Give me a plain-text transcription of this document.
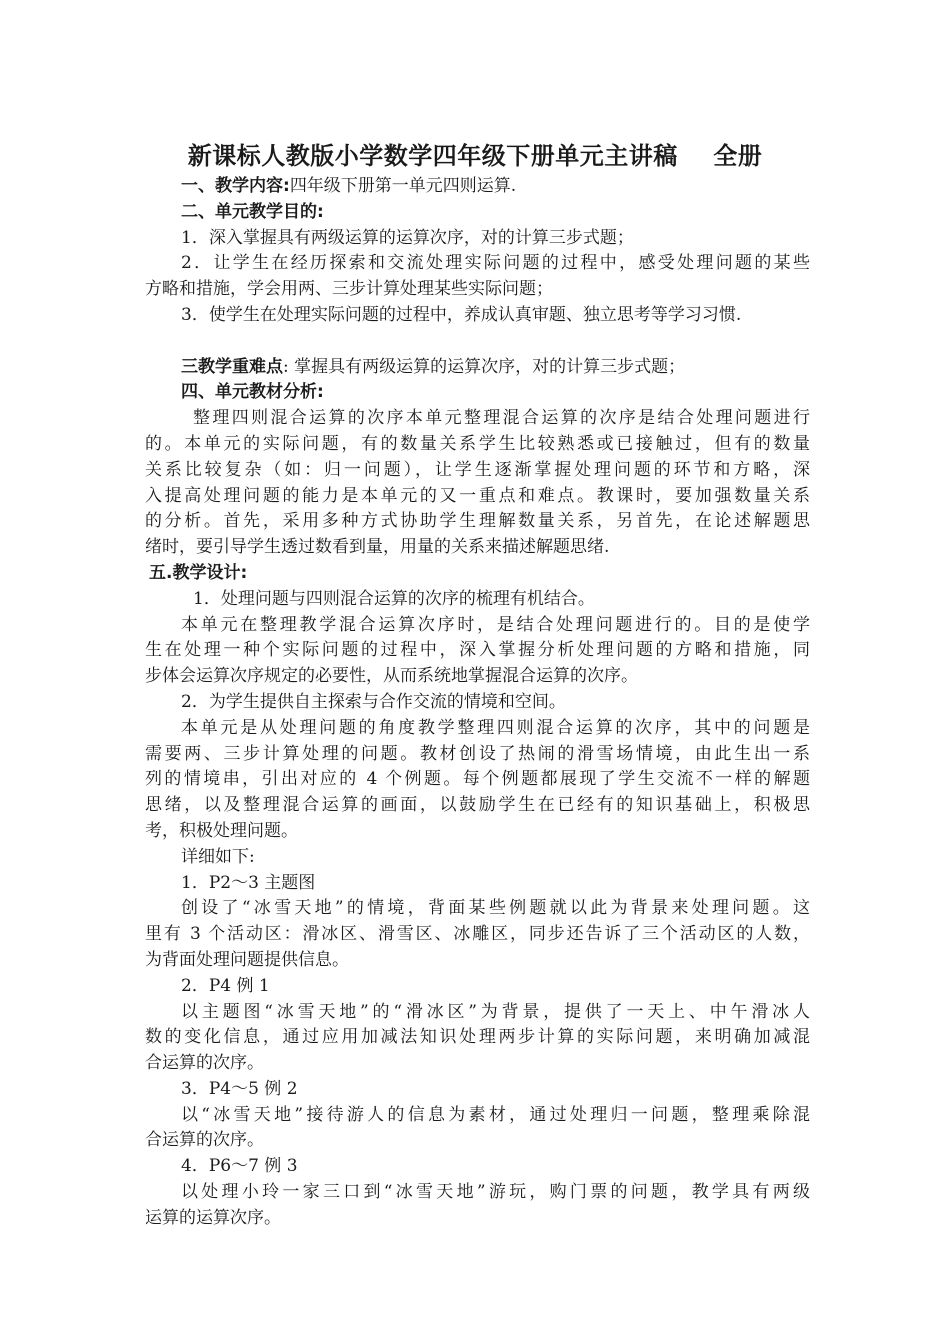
新课标人教版小学数学四年级下册单元主讲稿    全册
一、教学内容:四年级下册第一单元四则运算.
二、单元教学目的:
1．深入掌握具有两级运算的运算次序，对的计算三步式题；
2．让学生在经历探索和交流处理实际问题的过程中，感受处理问题的某些
方略和措施，学会用两、三步计算处理某些实际问题；
3．使学生在处理实际问题的过程中，养成认真审题、独立思考等学习习惯.
三教学重难点: 掌握具有两级运算的运算次序，对的计算三步式题；
四、单元教材分析:
整理四则混合运算的次序本单元整理混合运算的次序是结合处理问题进行
的。本单元的实际问题，有的数量关系学生比较熟悉或已接触过，但有的数量
关系比较复杂（如：归一问题），让学生逐渐掌握处理问题的环节和方略，深
入提高处理问题的能力是本单元的又一重点和难点。教课时，要加强数量关系
的分析。首先，采用多种方式协助学生理解数量关系，另首先，在论述解题思
绪时，要引导学生透过数看到量，用量的关系来描述解题思绪.
五.教学设计:
1．处理问题与四则混合运算的次序的梳理有机结合。
本单元在整理教学混合运算次序时，是结合处理问题进行的。目的是使学
生在处理一种个实际问题的过程中，深入掌握分析处理问题的方略和措施，同
步体会运算次序规定的必要性，从而系统地掌握混合运算的次序。
2．为学生提供自主探索与合作交流的情境和空间。
本单元是从处理问题的角度教学整理四则混合运算的次序，其中的问题是
需要两、三步计算处理的问题。教材创设了热闹的滑雪场情境，由此生出一系
列的情境串，引出对应的 4 个例题。每个例题都展现了学生交流不一样的解题
思绪，以及整理混合运算的画面，以鼓励学生在已经有的知识基础上，积极思
考，积极处理问题。
详细如下:
1．P2～3 主题图
创设了“冰雪天地”的情境，背面某些例题就以此为背景来处理问题。这
里有 3 个活动区：滑冰区、滑雪区、冰雕区，同步还告诉了三个活动区的人数，
为背面处理问题提供信息。
2．P4 例 1
以主题图“冰雪天地”的“滑冰区”为背景，提供了一天上、中午滑冰人
数的变化信息，通过应用加减法知识处理两步计算的实际问题，来明确加减混
合运算的次序。
3．P4～5 例 2
以“冰雪天地”接待游人的信息为素材，通过处理归一问题，整理乘除混
合运算的次序。
4．P6～7 例 3
以处理小玲一家三口到“冰雪天地”游玩，购门票的问题，教学具有两级
运算的运算次序。
